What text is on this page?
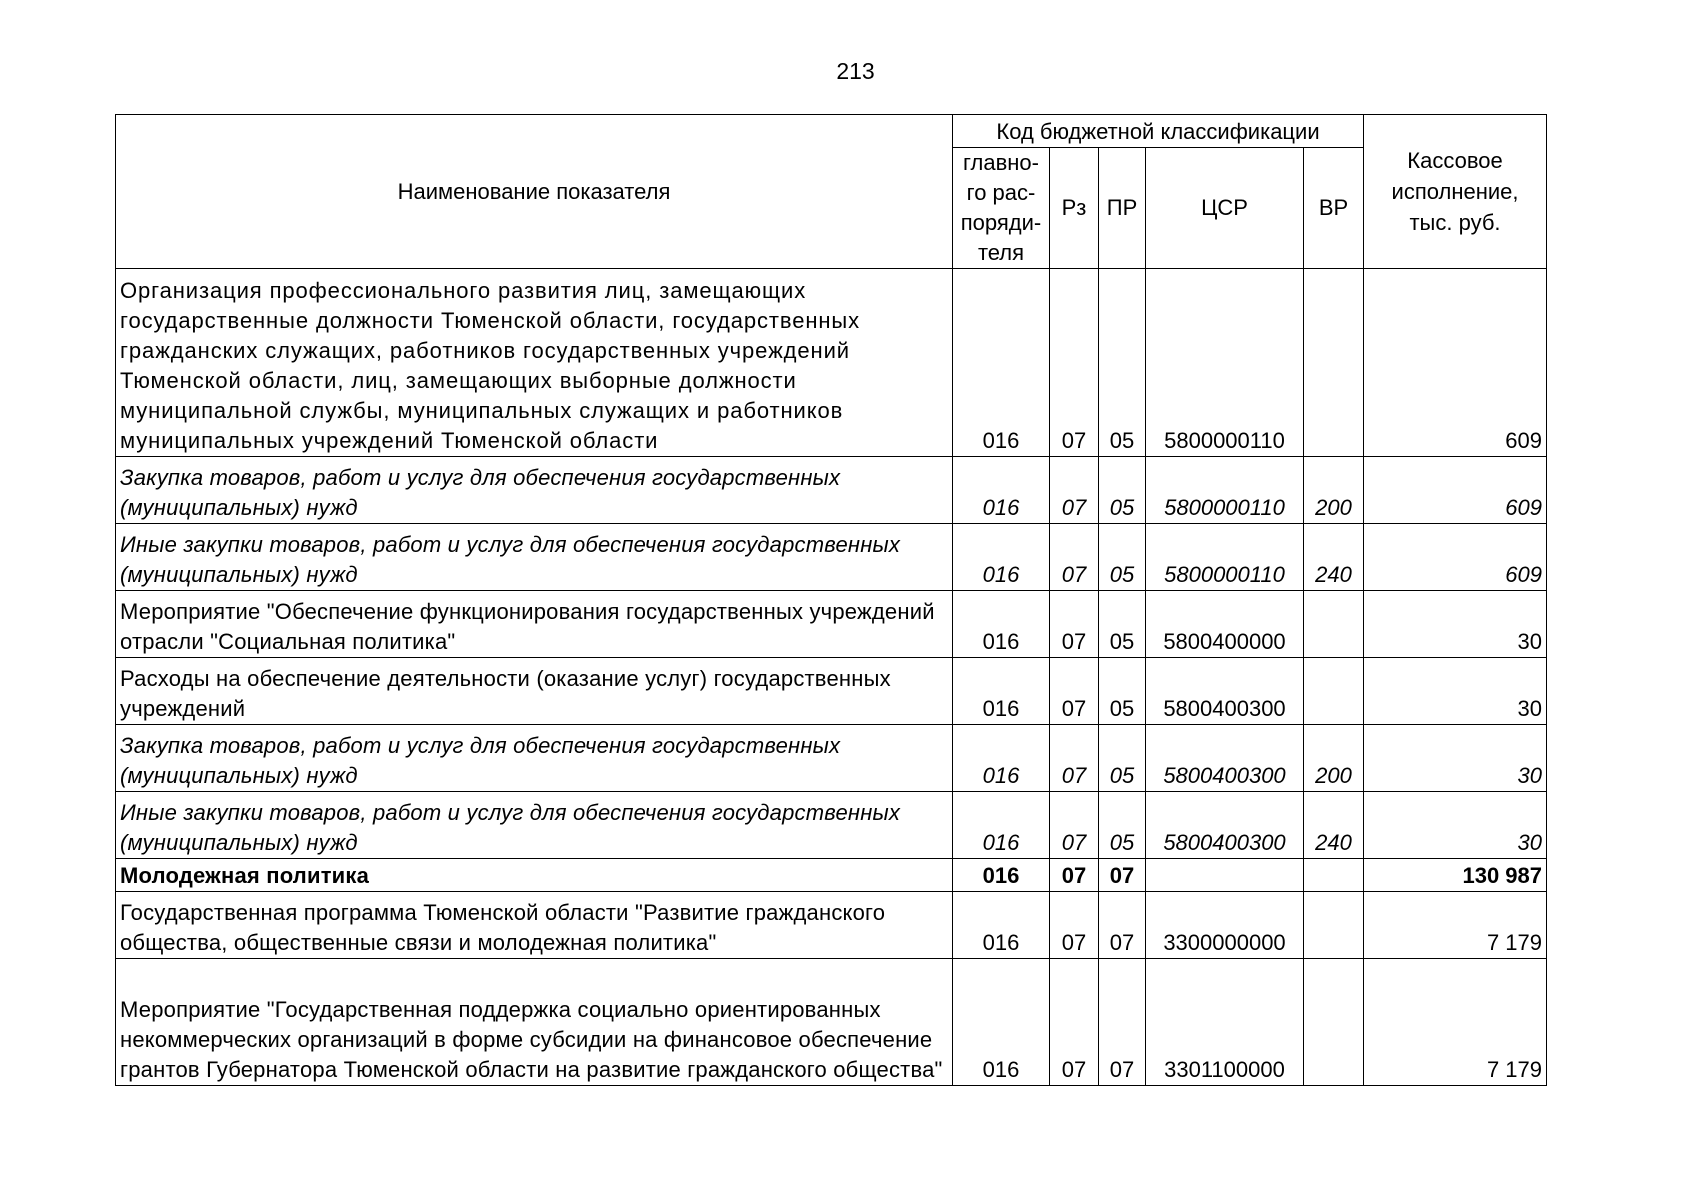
213
Наименование показателя	Код бюджетной классификации					Кассовое
исполнение,
тыс. руб.

	главно-
го рас-
поряди-
теля	Рз	ПР	ЦСР	ВР	
Организация профессионального развития лиц, замещающих государственные должности Тюменской области, государственных гражданских служащих, работников государственных учреждений Тюменской области, лиц, замещающих выборные должности муниципальной службы, муниципальных служащих и работников муниципальных учреждений Тюменской области	016	07	05	5800000110		609
Закупка товаров, работ и услуг для обеспечения государственных (муниципальных) нужд	016	07	05	5800000110	200	609
Иные закупки товаров, работ и услуг для обеспечения государственных (муниципальных) нужд	016	07	05	5800000110	240	609
Мероприятие "Обеспечение функционирования государственных учреждений отрасли "Социальная политика"	016	07	05	5800400000		30
Расходы на обеспечение деятельности (оказание услуг) государственных учреждений	016	07	05	5800400300		30
Закупка товаров, работ и услуг для обеспечения государственных (муниципальных) нужд	016	07	05	5800400300	200	30
Иные закупки товаров, работ и услуг для обеспечения государственных (муниципальных) нужд	016	07	05	5800400300	240	30
Молодежная политика	016	07	07			130 987
Государственная программа Тюменской области "Развитие гражданского общества, общественные связи и молодежная политика"	016	07	07	3300000000		7 179
Мероприятие "Государственная поддержка социально ориентированных некоммерческих организаций в форме субсидии на финансовое обеспечение грантов Губернатора Тюменской области на развитие гражданского общества"	016	07	07	3301100000		7 179
